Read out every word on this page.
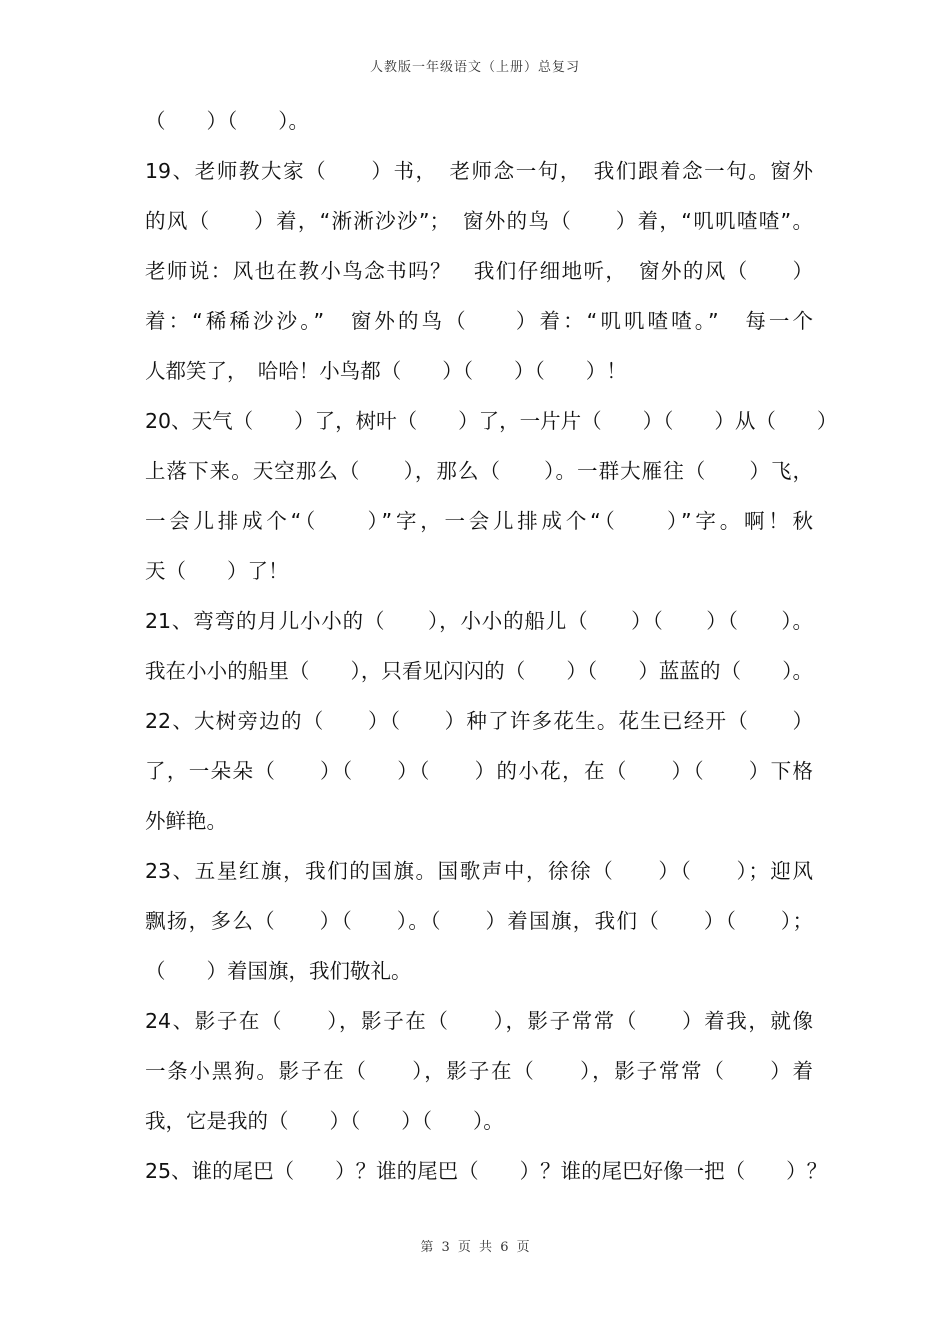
人教版一年级语文（上册）总复习
（　　）（　　）。
19、老师教大家（　　）书，　老师念一句，　我们跟着念一句。窗外
的风（　　）着，“淅淅沙沙”；　窗外的鸟（　　）着，“叽叽喳喳”。
老师说：风也在教小鸟念书吗？　我们仔细地听，　窗外的风（　　）
着：“稀稀沙沙。”　窗外的鸟（　　）着：“叽叽喳喳。”　每一个
人都笑了，　哈哈！小鸟都（　　）（　　）（　　）！
20、天气（　　）了，树叶（　　）了，一片片（　　）（　　）从（　　）
上落下来。天空那么（　　），那么（　　）。一群大雁往（　　）飞，
一会儿排成个“（　　）”字，一会儿排成个“（　　）”字。啊！秋
天（　　）了！
21、弯弯的月儿小小的（　　），小小的船儿（　　）（　　）（　　）。
我在小小的船里（　　），只看见闪闪的（　　）（　　）蓝蓝的（　　）。
22、大树旁边的（　　）（　　）种了许多花生。花生已经开（　　）
了，一朵朵（　　）（　　）（　　）的小花，在（　　）（　　）下格
外鲜艳。
23、五星红旗，我们的国旗。国歌声中，徐徐（　　）（　　）；迎风
飘扬，多么（　　）（　　）。（　　）着国旗，我们（　　）（　　）；
（　　）着国旗，我们敬礼。
24、影子在（　　），影子在（　　），影子常常（　　）着我，就像
一条小黑狗。影子在（　　），影子在（　　），影子常常（　　）着
我，它是我的（　　）（　　）（　　）。
25、谁的尾巴（　　）？谁的尾巴（　　）？谁的尾巴好像一把（　　）？
第 3 页 共 6 页
